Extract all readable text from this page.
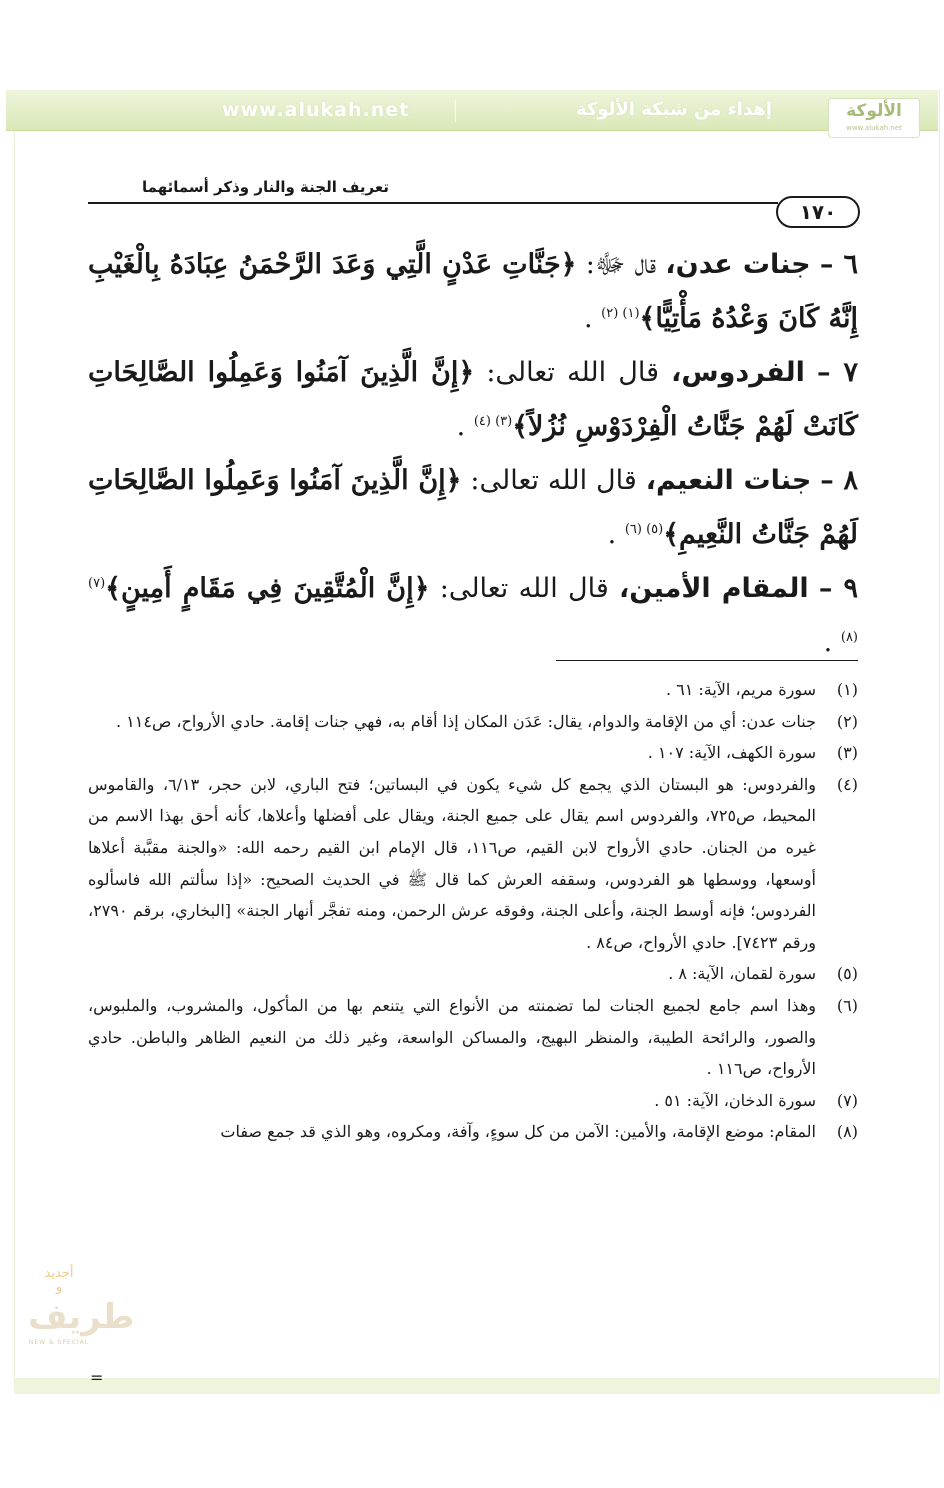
الألوكة
www.alukah.net
إهداء من شبكة الألوكة
www.alukah.net
تعريف الجنة والنار وذكر أسمائهما
١٧٠

٦ – جنات عدن، قال ﷻ: ﴿جَنَّاتِ عَدْنٍ الَّتِي وَعَدَ الرَّحْمَنُ عِبَادَهُ بِالْغَيْبِ إِنَّهُ كَانَ وَعْدُهُ مَأْتِيًّا﴾$^{(١) (٢)}$ .

٧ – الفردوس، قال الله تعالى: ﴿إِنَّ الَّذِينَ آمَنُوا وَعَمِلُوا الصَّالِحَاتِ كَانَتْ لَهُمْ جَنَّاتُ الْفِرْدَوْسِ نُزُلاً﴾$^{(٣) (٤)}$ .

٨ – جنات النعيم، قال الله تعالى: ﴿إِنَّ الَّذِينَ آمَنُوا وَعَمِلُوا الصَّالِحَاتِ لَهُمْ جَنَّاتُ النَّعِيمِ﴾$^{(٥) (٦)}$ .

٩ – المقام الأمين، قال الله تعالى: ﴿إِنَّ الْمُتَّقِينَ فِي مَقَامٍ أَمِينٍ﴾$^{(٧) (٨)}$ .

(١)
سورة مريم، الآية: ٦١ .

(٢)
جنات عدن: أي من الإقامة والدوام، يقال: عَدَن المكان إذا أقام به، فهي جنات إقامة. حادي الأرواح، ص١١٤ .

(٣)
سورة الكهف، الآية: ١٠٧ .

(٤)
والفردوس: هو البستان الذي يجمع كل شيء يكون في البساتين؛ فتح الباري، لابن حجر، ٦/١٣، والقاموس المحيط، ص٧٢٥، والفردوس اسم يقال على جميع الجنة، ويقال على أفضلها وأعلاها، كأنه أحق بهذا الاسم من غيره من الجنان. حادي الأرواح لابن القيم، ص١١٦، قال الإمام ابن القيم رحمه الله: «والجنة مقبَّبة أعلاها أوسعها، ووسطها هو الفردوس، وسقفه العرش كما قال ﷺ في الحديث الصحيح: «إذا سألتم الله فاسألوه الفردوس؛ فإنه أوسط الجنة، وأعلى الجنة، وفوقه عرش الرحمن، ومنه تفجَّر أنهار الجنة» [البخاري، برقم ٢٧٩٠، ورقم ٧٤٢٣]. حادي الأرواح، ص٨٤ .

(٥)
سورة لقمان، الآية: ٨ .

(٦)
وهذا اسم جامع لجميع الجنات لما تضمنته من الأنواع التي يتنعم بها من المأكول، والمشروب، والملبوس، والصور، والرائحة الطيبة، والمنظر البهيج، والمساكن الواسعة، وغير ذلك من النعيم الظاهر والباطن. حادي الأرواح، ص١١٦ .

(٧)
سورة الدخان، الآية: ٥١ .

(٨)
المقام: موضع الإقامة، والأمين: الآمن من كل سوءٍ، وآفة، ومكروه، وهو الذي قد جمع صفات

أجديد
و
طريف
NEW & SPECIAL
=
